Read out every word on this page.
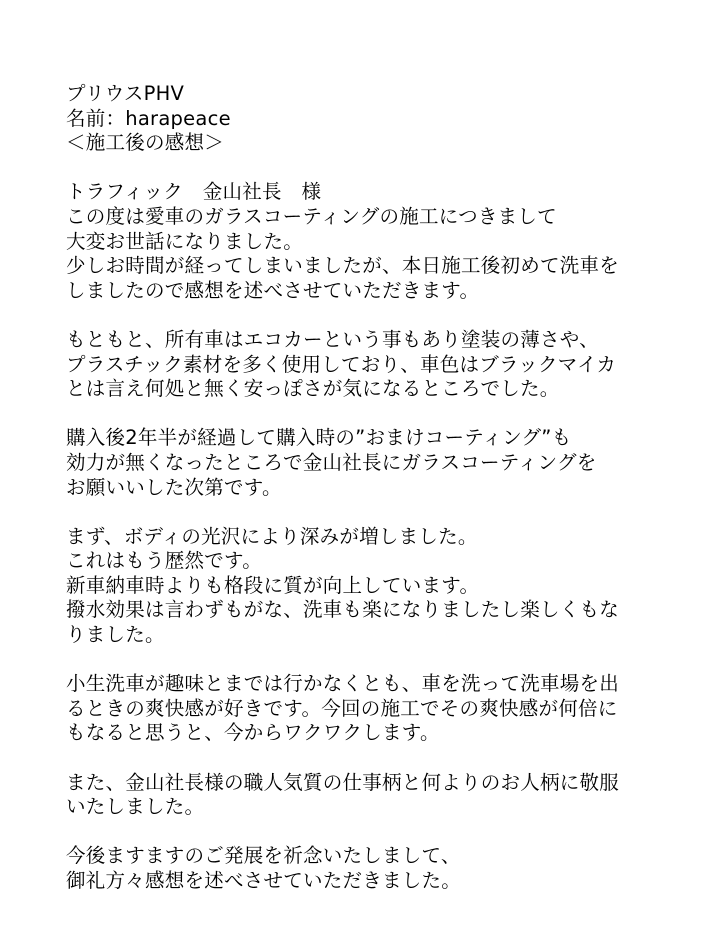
プリウスPHV
名前：harapeace
＜施工後の感想＞
トラフィック　金山社長　様
この度は愛車のガラスコーティングの施工につきまして
大変お世話になりました。
少しお時間が経ってしまいましたが、本日施工後初めて洗車を
しましたので感想を述べさせていただきます。
もともと、所有車はエコカーという事もあり塗装の薄さや、
プラスチック素材を多く使用しており、車色はブラックマイカ
とは言え何処と無く安っぽさが気になるところでした。
購入後2年半が経過して購入時の”おまけコーティング”も
効力が無くなったところで金山社長にガラスコーティングを
お願いいした次第です。
まず、ボディの光沢により深みが増しました。
これはもう歴然です。
新車納車時よりも格段に質が向上しています。
撥水効果は言わずもがな、洗車も楽になりましたし楽しくもな
りました。
小生洗車が趣味とまでは行かなくとも、車を洗って洗車場を出
るときの爽快感が好きです。今回の施工でその爽快感が何倍に
もなると思うと、今からワクワクします。
また、金山社長様の職人気質の仕事柄と何よりのお人柄に敬服
いたしました。
今後ますますのご発展を祈念いたしまして、
御礼方々感想を述べさせていただきました。
